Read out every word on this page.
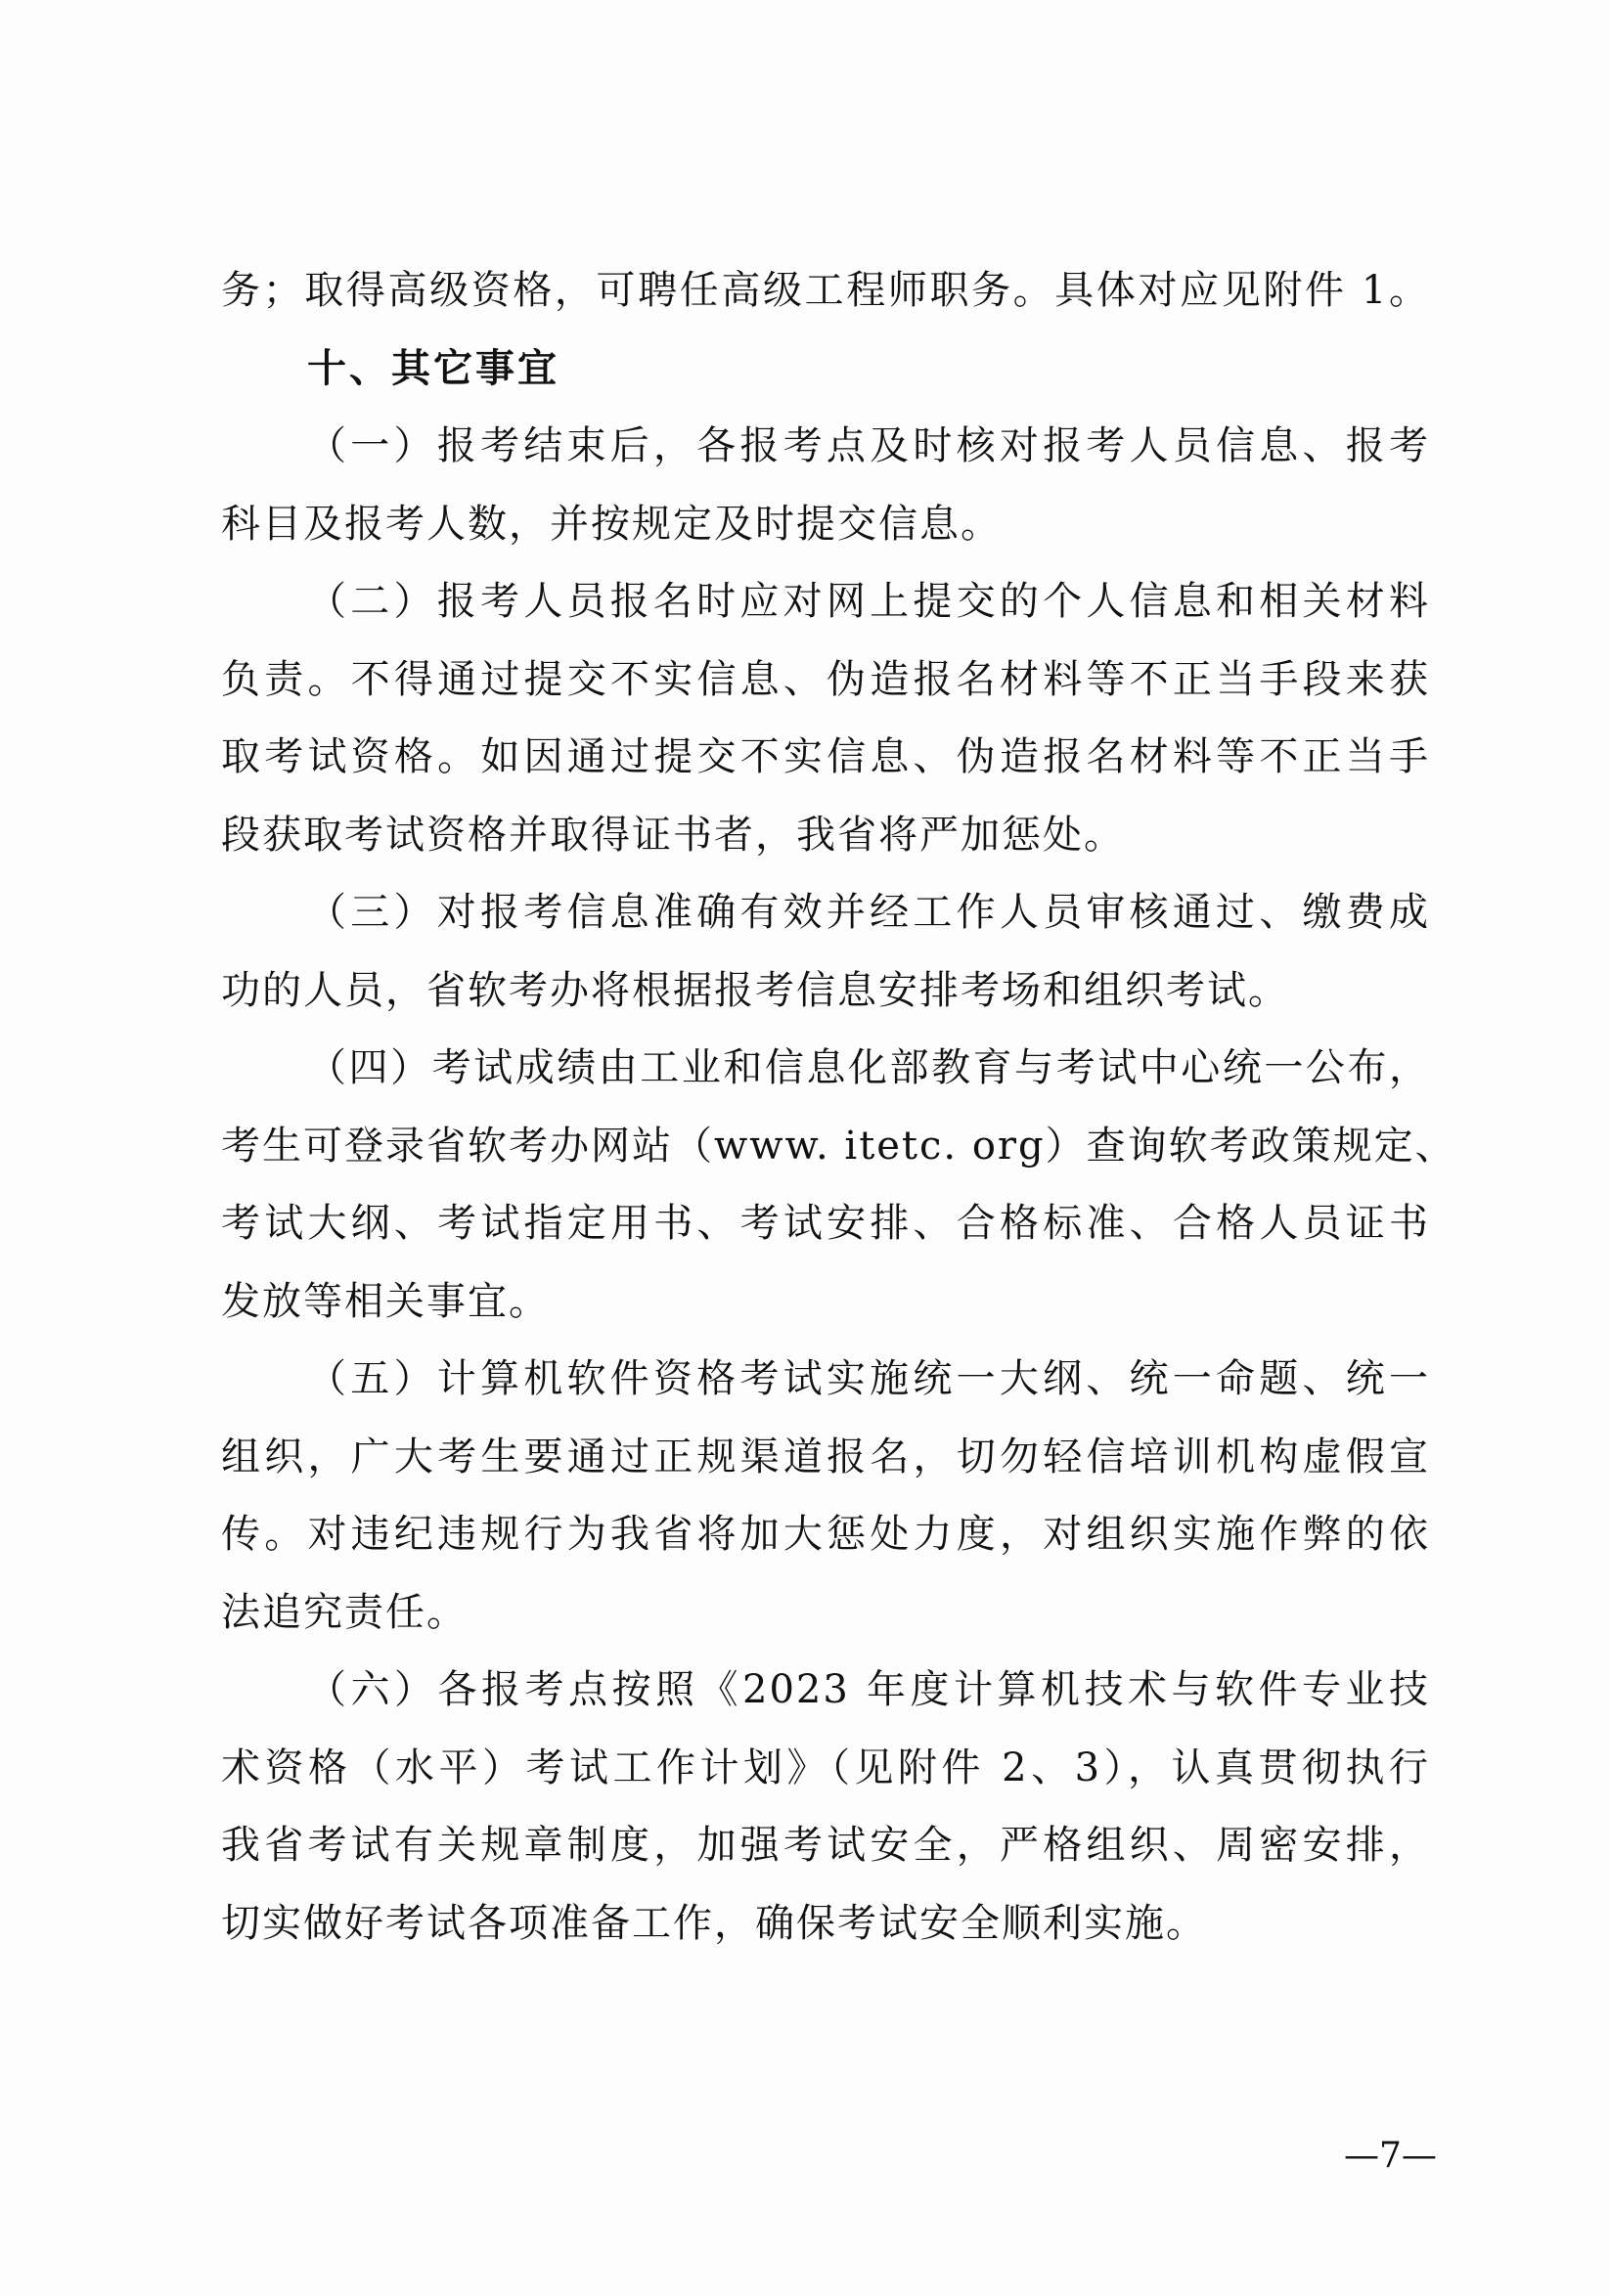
务；取得高级资格，可聘任高级工程师职务。具体对应见附件 1。
十、其它事宜
（一）报考结束后，各报考点及时核对报考人员信息、报考
科目及报考人数，并按规定及时提交信息。
（二）报考人员报名时应对网上提交的个人信息和相关材料
负责。不得通过提交不实信息、伪造报名材料等不正当手段来获
取考试资格。如因通过提交不实信息、伪造报名材料等不正当手
段获取考试资格并取得证书者，我省将严加惩处。
（三）对报考信息准确有效并经工作人员审核通过、缴费成
功的人员，省软考办将根据报考信息安排考场和组织考试。
（四）考试成绩由工业和信息化部教育与考试中心统一公布，
考生可登录省软考办网站（www. itetc. org）查询软考政策规定、
考试大纲、考试指定用书、考试安排、合格标准、合格人员证书
发放等相关事宜。
（五）计算机软件资格考试实施统一大纲、统一命题、统一
组织，广大考生要通过正规渠道报名，切勿轻信培训机构虚假宣
传。对违纪违规行为我省将加大惩处力度，对组织实施作弊的依
法追究责任。
（六）各报考点按照《2023 年度计算机技术与软件专业技
术资格（水平）考试工作计划》（见附件 2、3），认真贯彻执行
我省考试有关规章制度，加强考试安全，严格组织、周密安排，
切实做好考试各项准备工作，确保考试安全顺利实施。
—7—
